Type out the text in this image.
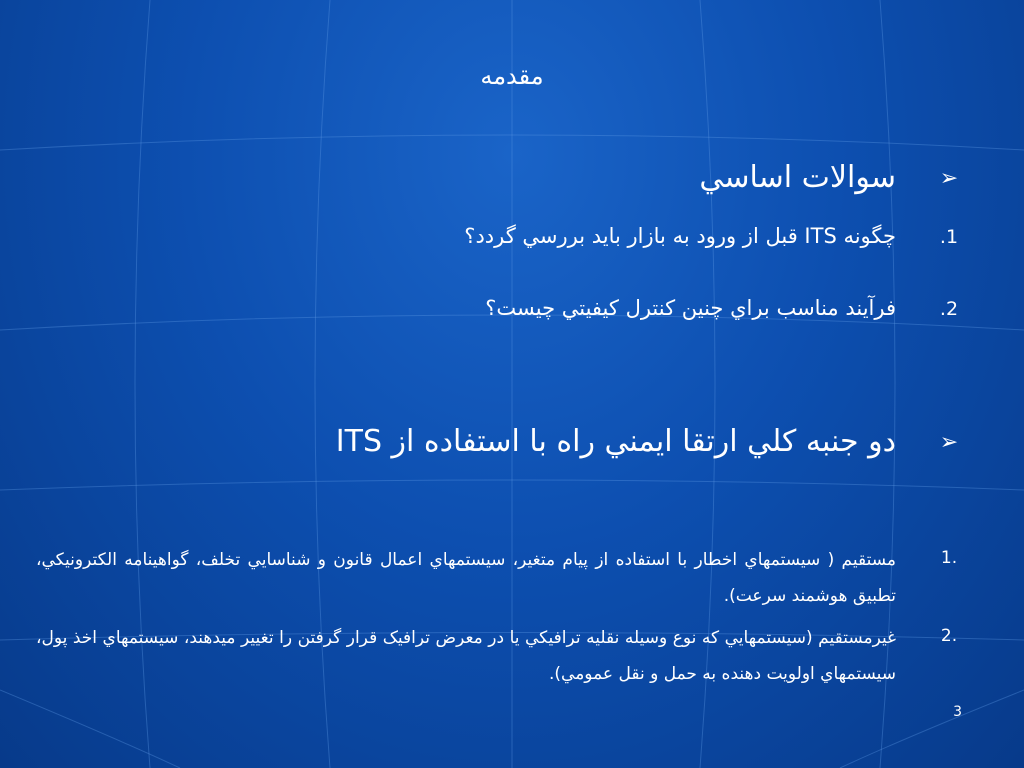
مقدمه
➢
سوالات اساسي
1.
چگونه ITS قبل از ورود به بازار بايد بررسي گردد؟
2.
فرآيند مناسب براي چنين كنترل كيفيتي چيست؟
➢
دو جنبه كلي ارتقا ايمني راه با استفاده از ITS
1.
مستقيم ( سيستمهاي اخطار با استفاده از پيام متغير، سيستمهاي اعمال قانون و شناسايي تخلف، گواهينامه الكترونيكي، تطبيق هوشمند سرعت).
2.
غيرمستقيم (سيستمهايي كه نوع وسيله نقليه ترافيكي يا در معرض ترافيک قرار گرفتن را تغيير ميدهند، سيستمهاي اخذ پول، سيستمهاي اولويت دهنده به حمل و نقل عمومي).
3
